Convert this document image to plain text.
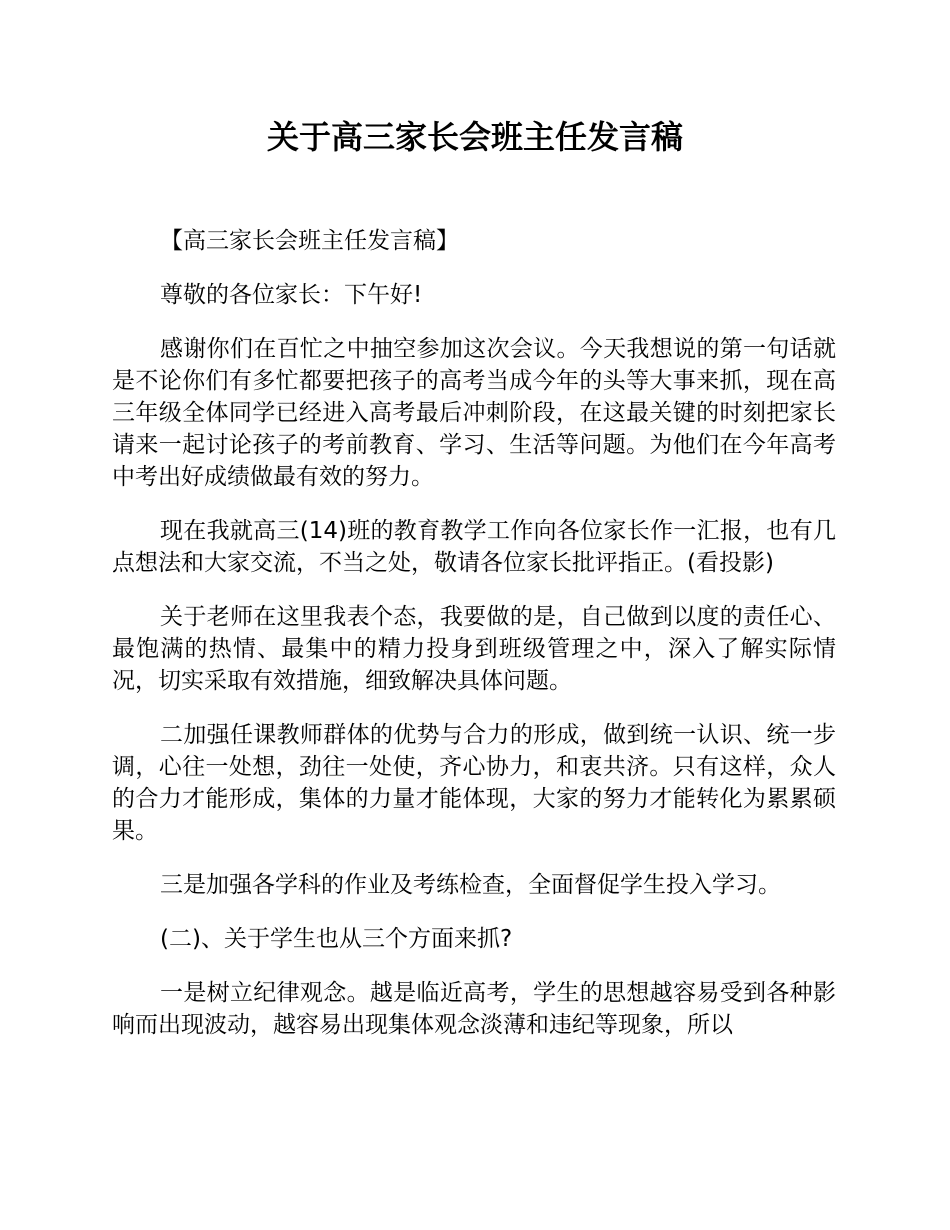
关于高三家长会班主任发言稿

【高三家长会班主任发言稿】

尊敬的各位家长：下午好!

感谢你们在百忙之中抽空参加这次会议。今天我想说的第一句话就是不论你们有多忙都要把孩子的高考当成今年的头等大事来抓，现在高三年级全体同学已经进入高考最后冲刺阶段，在这最关键的时刻把家长请来一起讨论孩子的考前教育、学习、生活等问题。为他们在今年高考中考出好成绩做最有效的努力。

现在我就高三(14)班的教育教学工作向各位家长作一汇报，也有几点想法和大家交流，不当之处，敬请各位家长批评指正。(看投影)

关于老师在这里我表个态，我要做的是，自己做到以度的责任心、最饱满的热情、最集中的精力投身到班级管理之中，深入了解实际情况，切实采取有效措施，细致解决具体问题。

二加强任课教师群体的优势与合力的形成，做到统一认识、统一步调，心往一处想，劲往一处使，齐心协力，和衷共济。只有这样，众人的合力才能形成，集体的力量才能体现，大家的努力才能转化为累累硕果。

三是加强各学科的作业及考练检查，全面督促学生投入学习。

(二)、关于学生也从三个方面来抓?

一是树立纪律观念。越是临近高考，学生的思想越容易受到各种影响而出现波动，越容易出现集体观念淡薄和违纪等现象，所以
